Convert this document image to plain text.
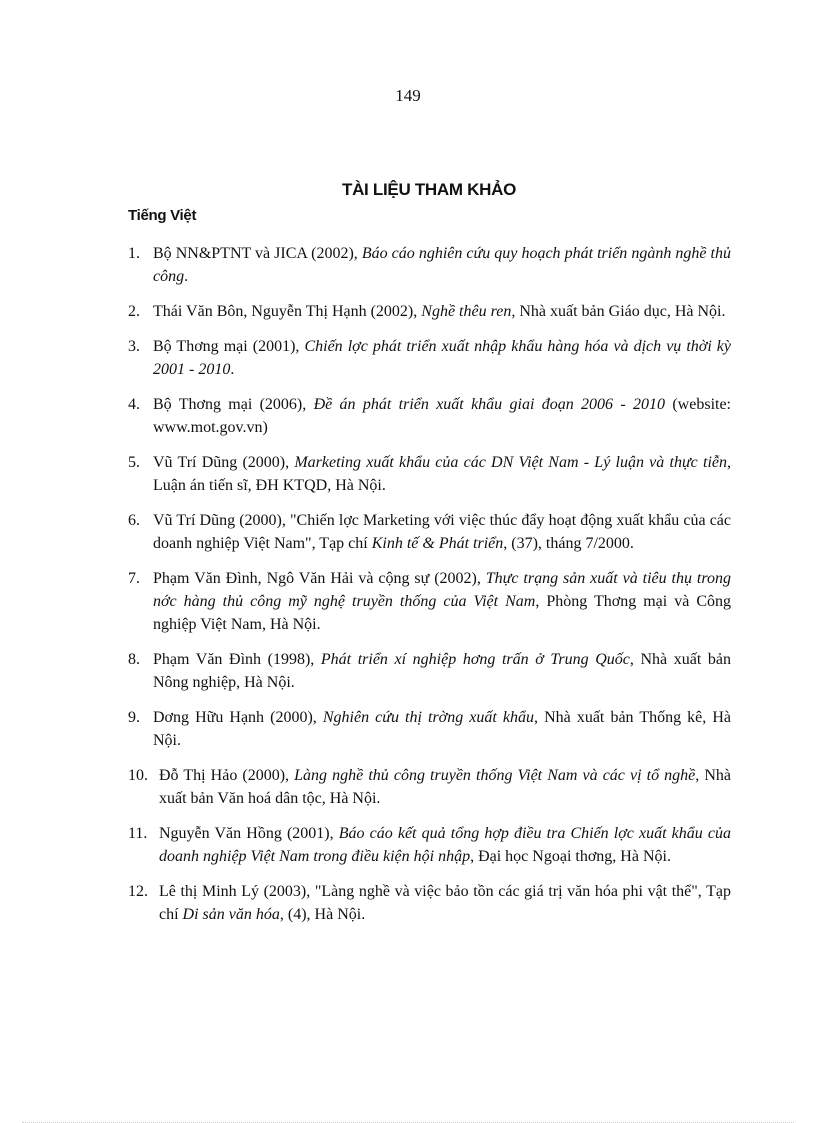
149
TÀI LIỆU THAM KHẢO
Tiếng Việt
1. Bộ NN&PTNT và JICA (2002), Báo cáo nghiên cứu quy hoạch phát triển ngành nghề thủ công.
2. Thái Văn Bôn, Nguyễn Thị Hạnh (2002), Nghề thêu ren, Nhà xuất bản Giáo dục, Hà Nội.
3. Bộ Thơng mại (2001), Chiến lợc phát triển xuất nhập khẩu hàng hóa và dịch vụ thời kỳ 2001 - 2010.
4. Bộ Thơng mại (2006), Đề án phát triển xuất khẩu giai đoạn 2006 - 2010 (website: www.mot.gov.vn)
5. Vũ Trí Dũng (2000), Marketing xuất khẩu của các DN Việt Nam - Lý luận và thực tiễn, Luận án tiến sĩ, ĐH KTQD, Hà Nội.
6. Vũ Trí Dũng (2000), "Chiến lợc Marketing với việc thúc đẩy hoạt động xuất khẩu của các doanh nghiệp Việt Nam", Tạp chí Kinh tế & Phát triển, (37), tháng 7/2000.
7. Phạm Văn Đình, Ngô Văn Hải và cộng sự (2002), Thực trạng sản xuất và tiêu thụ trong nớc hàng thủ công mỹ nghệ truyền thống của Việt Nam, Phòng Thơng mại và Công nghiệp Việt Nam, Hà Nội.
8. Phạm Văn Đình (1998), Phát triển xí nghiệp hơng trấn ở Trung Quốc, Nhà xuất bản Nông nghiệp, Hà Nội.
9. Dơng Hữu Hạnh (2000), Nghiên cứu thị trờng xuất khẩu, Nhà xuất bản Thống kê, Hà Nội.
10. Đỗ Thị Hảo (2000), Làng nghề thủ công truyền thống Việt Nam và các vị tổ nghề, Nhà xuất bản Văn hoá dân tộc, Hà Nội.
11. Nguyễn Văn Hồng (2001), Báo cáo kết quả tổng hợp điều tra Chiến lợc xuất khẩu của doanh nghiệp Việt Nam trong điều kiện hội nhập, Đại học Ngoại thơng, Hà Nội.
12. Lê thị Minh Lý (2003), "Làng nghề và việc bảo tồn các giá trị văn hóa phi vật thể", Tạp chí Di sản văn hóa, (4), Hà Nội.
